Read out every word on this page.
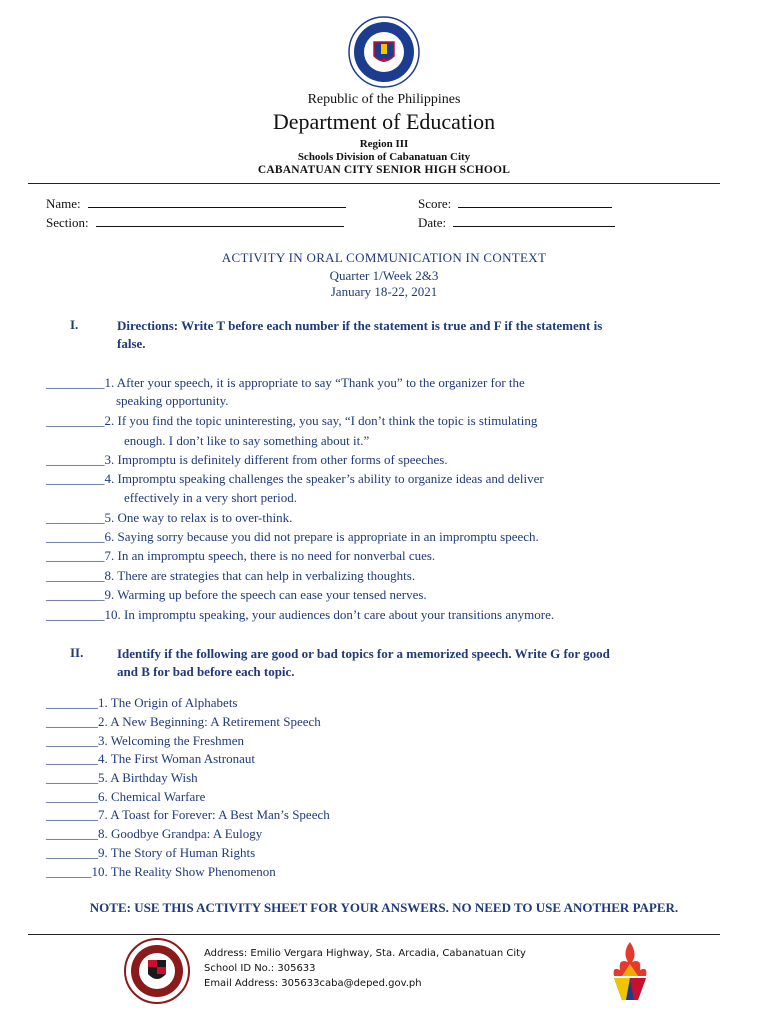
Republic of the Philippines
Department of Education
Region III
Schools Division of Cabanatuan City
CABANATUAN CITY SENIOR HIGH SCHOOL
Name:
Section:
Score:
Date:
ACTIVITY IN ORAL COMMUNICATION IN CONTEXT
Quarter 1/Week 2&3
January 18-22, 2021
I.	Directions: Write T before each number if the statement is true and F if the statement is
false.
_________1. After your speech, it is appropriate to say “Thank you” to the organizer for the
speaking opportunity.
_________2. If you find the topic uninteresting, you say, “I don’t think the topic is stimulating
enough. I don’t like to say something about it.”
_________3. Impromptu is definitely different from other forms of speeches.
_________4. Impromptu speaking challenges the speaker’s ability to organize ideas and deliver
effectively in a very short period.
_________5. One way to relax is to over-think.
_________6. Saying sorry because you did not prepare is appropriate in an impromptu speech.
_________7. In an impromptu speech, there is no need for nonverbal cues.
_________8. There are strategies that can help in verbalizing thoughts.
_________9. Warming up before the speech can ease your tensed nerves.
_________10. In impromptu speaking, your audiences don’t care about your transitions anymore.
II.	Identify if the following are good or bad topics for a memorized speech. Write G for good
and B for bad before each topic.
________1. The Origin of Alphabets
________2. A New Beginning: A Retirement Speech
________3. Welcoming the Freshmen
________4. The First Woman Astronaut
________5. A Birthday Wish
________6. Chemical Warfare
________7. A Toast for Forever: A Best Man’s Speech
________8. Goodbye Grandpa: A Eulogy
________9. The Story of Human Rights
_______10. The Reality Show Phenomenon
NOTE: USE THIS ACTIVITY SHEET FOR YOUR ANSWERS. NO NEED TO USE ANOTHER PAPER.
Address: Emilio Vergara Highway, Sta. Arcadia, Cabanatuan City
School ID No.: 305633
Email Address: 305633caba@deped.gov.ph
